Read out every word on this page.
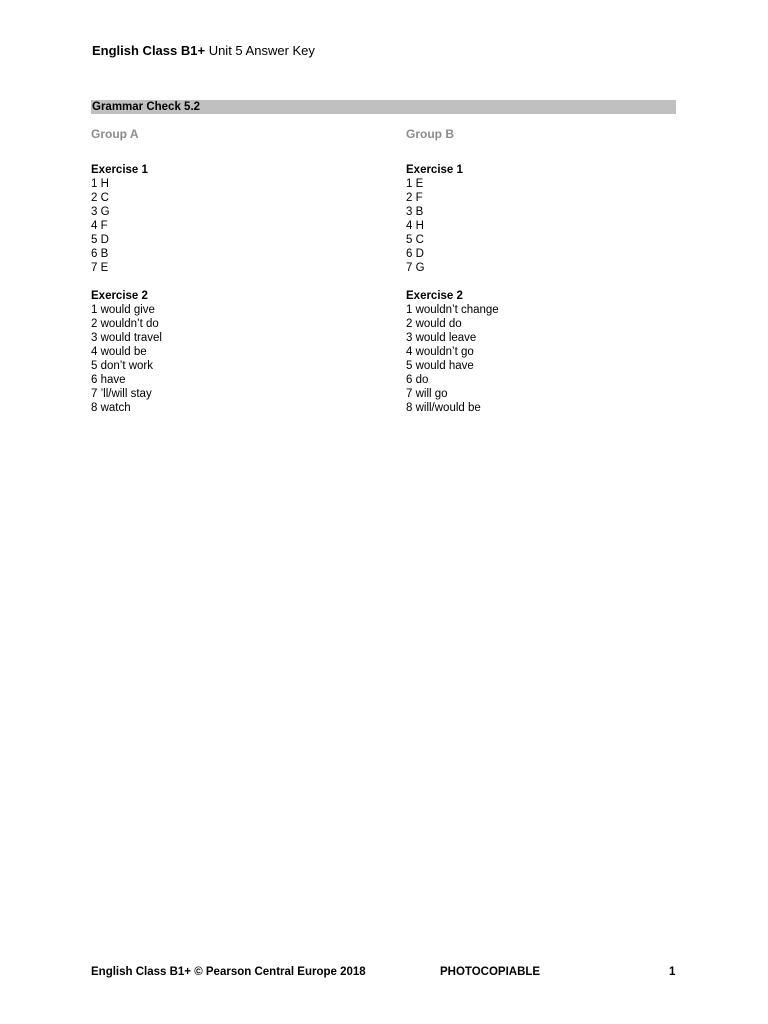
English Class B1+ Unit 5 Answer Key
Grammar Check 5.2
Group A
Exercise 1
1 H
2 C
3 G
4 F
5 D
6 B
7 E
Exercise 2
1 would give
2 wouldn’t do
3 would travel
4 would be
5 don’t work
6 have
7 ’ll/will stay
8 watch
Group B
Exercise 1
1 E
2 F
3 B
4 H
5 C
6 D
7 G
Exercise 2
1 wouldn’t change
2 would do
3 would leave
4 wouldn’t go
5 would have
6 do
7 will go
8 will/would be
English Class B1+ © Pearson Central Europe 2018	PHOTOCOPIABLE	1
